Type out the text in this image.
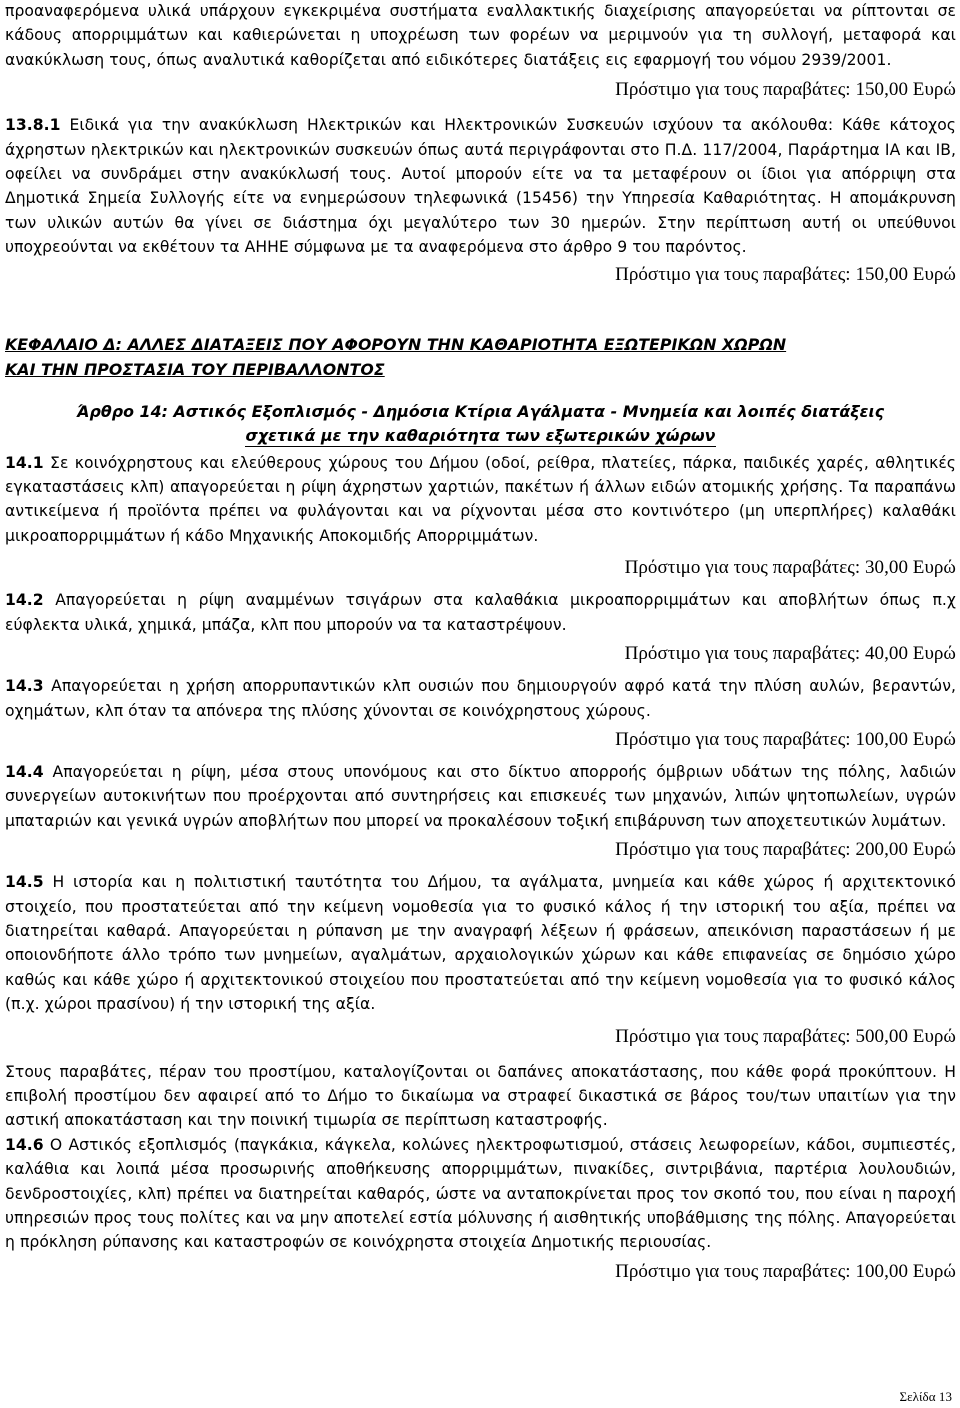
προαναφερόμενα υλικά υπάρχουν εγκεκριμένα συστήματα εναλλακτικής διαχείρισης απαγορεύεται να ρίπτονται σε κάδους απορριμμάτων και καθιερώνεται η υποχρέωση των φορέων να μεριμνούν για τη συλλογή, μεταφορά και ανακύκλωση τους, όπως αναλυτικά καθορίζεται από ειδικότερες διατάξεις εις εφαρμογή του νόμου 2939/2001.

Πρόστιμο για τους παραβάτες: 150,00 Ευρώ

13.8.1 Ειδικά για την ανακύκλωση Ηλεκτρικών και Ηλεκτρονικών Συσκευών ισχύουν τα ακόλουθα: Κάθε κάτοχος άχρηστων ηλεκτρικών και ηλεκτρονικών συσκευών όπως αυτά περιγράφονται στο Π.Δ. 117/2004, Παράρτημα ΙΑ και ΙΒ, οφείλει να συνδράμει στην ανακύκλωσή τους. Αυτοί μπορούν είτε να τα μεταφέρουν οι ίδιοι για απόρριψη στα Δημοτικά Σημεία Συλλογής είτε να ενημερώσουν τηλεφωνικά (15456) την Υπηρεσία Καθαριότητας. Η απομάκρυνση των υλικών αυτών θα γίνει σε διάστημα όχι μεγαλύτερο των 30 ημερών. Στην περίπτωση αυτή οι υπεύθυνοι υποχρεούνται να εκθέτουν τα ΑΗΗΕ σύμφωνα με τα αναφερόμενα στο άρθρο 9 του παρόντος.

Πρόστιμο για τους παραβάτες: 150,00 Ευρώ

ΚΕΦΑΛΑΙΟ Δ: ΑΛΛΕΣ ΔΙΑΤΑΞΕΙΣ ΠΟΥ ΑΦΟΡΟΥΝ ΤΗΝ ΚΑΘΑΡΙΟΤΗΤΑ ΕΞΩΤΕΡΙΚΩΝ ΧΩΡΩΝ
ΚΑΙ ΤΗΝ ΠΡΟΣΤΑΣΙΑ ΤΟΥ ΠΕΡΙΒΑΛΛΟΝΤΟΣ
Άρθρο 14: Αστικός Εξοπλισμός - Δημόσια Κτίρια Αγάλματα - Μνημεία και λοιπές διατάξεις
σχετικά με την καθαριότητα των εξωτερικών χώρων

14.1 Σε κοινόχρηστους και ελεύθερους χώρους του Δήμου (οδοί, ρείθρα, πλατείες, πάρκα, παιδικές χαρές, αθλητικές εγκαταστάσεις κλπ) απαγορεύεται η ρίψη άχρηστων χαρτιών, πακέτων ή άλλων ειδών ατομικής χρήσης. Τα παραπάνω αντικείμενα ή προϊόντα πρέπει να φυλάγονται και να ρίχνονται μέσα στο κοντινότερο (μη υπερπλήρες) καλαθάκι μικροαπορριμμάτων ή κάδο Μηχανικής Αποκομιδής Απορριμμάτων.

Πρόστιμο για τους παραβάτες: 30,00 Ευρώ

14.2 Απαγορεύεται η ρίψη αναμμένων τσιγάρων στα καλαθάκια μικροαπορριμμάτων και αποβλήτων όπως π.χ εύφλεκτα υλικά, χημικά, μπάζα, κλπ που μπορούν να τα καταστρέψουν.

Πρόστιμο για τους παραβάτες: 40,00 Ευρώ

14.3 Απαγορεύεται η χρήση απορρυπαντικών κλπ ουσιών που δημιουργούν αφρό κατά την πλύση αυλών, βεραντών, οχημάτων, κλπ όταν τα απόνερα της πλύσης χύνονται σε κοινόχρηστους χώρους.

Πρόστιμο για τους παραβάτες: 100,00 Ευρώ

14.4 Απαγορεύεται η ρίψη, μέσα στους υπονόμους και στο δίκτυο απορροής όμβριων υδάτων της πόλης, λαδιών συνεργείων αυτοκινήτων που προέρχονται από συντηρήσεις και επισκευές των μηχανών, λιπών ψητοπωλείων, υγρών μπαταριών και γενικά υγρών αποβλήτων που μπορεί να προκαλέσουν τοξική επιβάρυνση των αποχετευτικών λυμάτων.

Πρόστιμο για τους παραβάτες: 200,00 Ευρώ

14.5 Η ιστορία και η πολιτιστική ταυτότητα του Δήμου, τα αγάλματα, μνημεία και κάθε χώρος ή αρχιτεκτονικό στοιχείο, που προστατεύεται από την κείμενη νομοθεσία για το φυσικό κάλος ή την ιστορική του αξία, πρέπει να διατηρείται καθαρά. Απαγορεύεται η ρύπανση με την αναγραφή λέξεων ή φράσεων, απεικόνιση παραστάσεων ή με οποιονδήποτε άλλο τρόπο των μνημείων, αγαλμάτων, αρχαιολογικών χώρων και κάθε επιφανείας σε δημόσιο χώρο καθώς και κάθε χώρο ή αρχιτεκτονικού στοιχείου που προστατεύεται από την κείμενη νομοθεσία για το φυσικό κάλος (π.χ. χώροι πρασίνου) ή την ιστορική της αξία.

Πρόστιμο για τους παραβάτες: 500,00 Ευρώ

Στους παραβάτες, πέραν του προστίμου, καταλογίζονται οι δαπάνες αποκατάστασης, που κάθε φορά προκύπτουν. Η επιβολή προστίμου δεν αφαιρεί από το Δήμο το δικαίωμα να στραφεί δικαστικά σε βάρος του/των υπαιτίων για την αστική αποκατάσταση και την ποινική τιμωρία σε περίπτωση καταστροφής.

14.6 Ο Αστικός εξοπλισμός (παγκάκια, κάγκελα, κολώνες ηλεκτροφωτισμού, στάσεις λεωφορείων, κάδοι, συμπιεστές, καλάθια και λοιπά μέσα προσωρινής αποθήκευσης απορριμμάτων, πινακίδες, σιντριβάνια, παρτέρια λουλουδιών, δενδροστοιχίες, κλπ) πρέπει να διατηρείται καθαρός, ώστε να ανταποκρίνεται προς τον σκοπό του, που είναι η παροχή υπηρεσιών προς τους πολίτες και να μην αποτελεί εστία μόλυνσης ή αισθητικής υποβάθμισης της πόλης. Απαγορεύεται η πρόκληση ρύπανσης και καταστροφών σε κοινόχρηστα στοιχεία Δημοτικής περιουσίας.

Πρόστιμο για τους παραβάτες: 100,00 Ευρώ

Σελίδα 13
